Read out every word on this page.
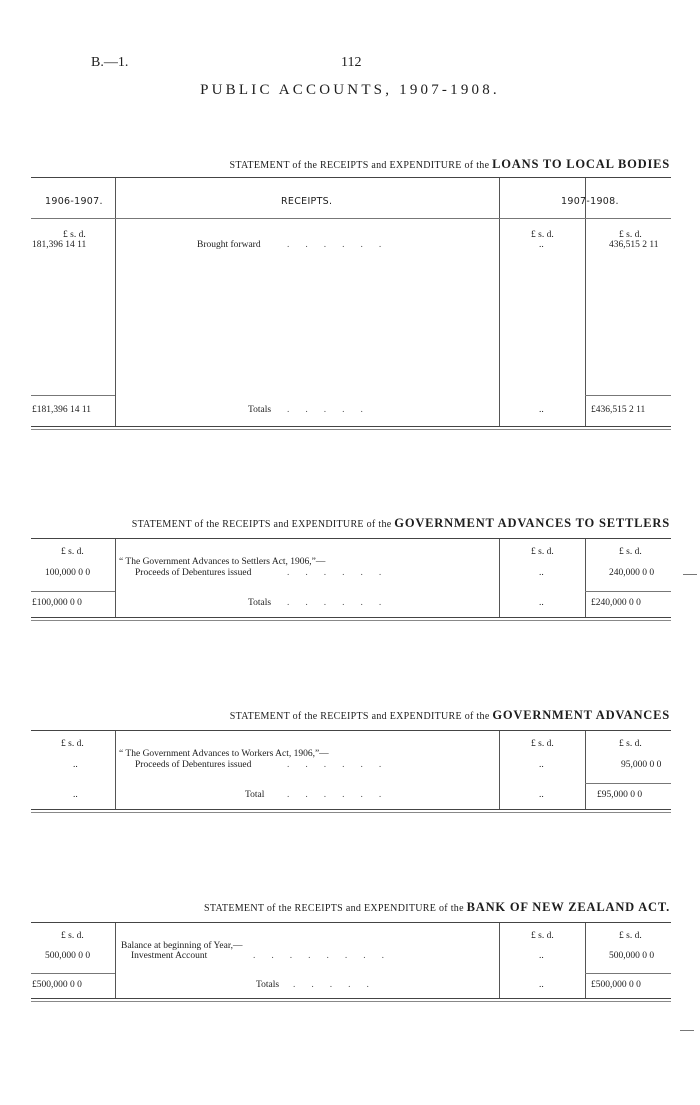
B.—1.	112
PUBLIC ACCOUNTS, 1907-1908.
STATEMENT of the RECEIPTS and EXPENDITURE of the LOANS TO LOCAL BODIES
1906-1907.	RECEIPTS.	1907-1908.
£ s. d.	£ s. d.	£ s. d.
181,396 14 11	Brought forward	......	..	436,515 2 11
£181,396 14 11	Totals .....	..	£436,515 2 11
STATEMENT of the RECEIPTS and EXPENDITURE of the GOVERNMENT ADVANCES TO SETTLERS
£ s. d.	£ s. d.	£ s. d.
“ The Government Advances to Settlers Act, 1906,”—
100,000 0 0	Proceeds of Debentures issued	......	..	240,000 0 0
£100,000 0 0	Totals ......	..	£240,000 0 0
STATEMENT of the RECEIPTS and EXPENDITURE of the GOVERNMENT ADVANCES
£ s. d.	£ s. d.	£ s. d.
“ The Government Advances to Workers Act, 1906,”—
..	Proceeds of Debentures issued	......	..	95,000 0 0
..	Total ......	..	£95,000 0 0
STATEMENT of the RECEIPTS and EXPENDITURE of the BANK OF NEW ZEALAND ACT.
£ s. d.	£ s. d.	£ s. d.
Balance at beginning of Year,—
500,000 0 0	Investment Account	........	..	500,000 0 0
£500,000 0 0	Totals .....	..	£500,000 0 0
